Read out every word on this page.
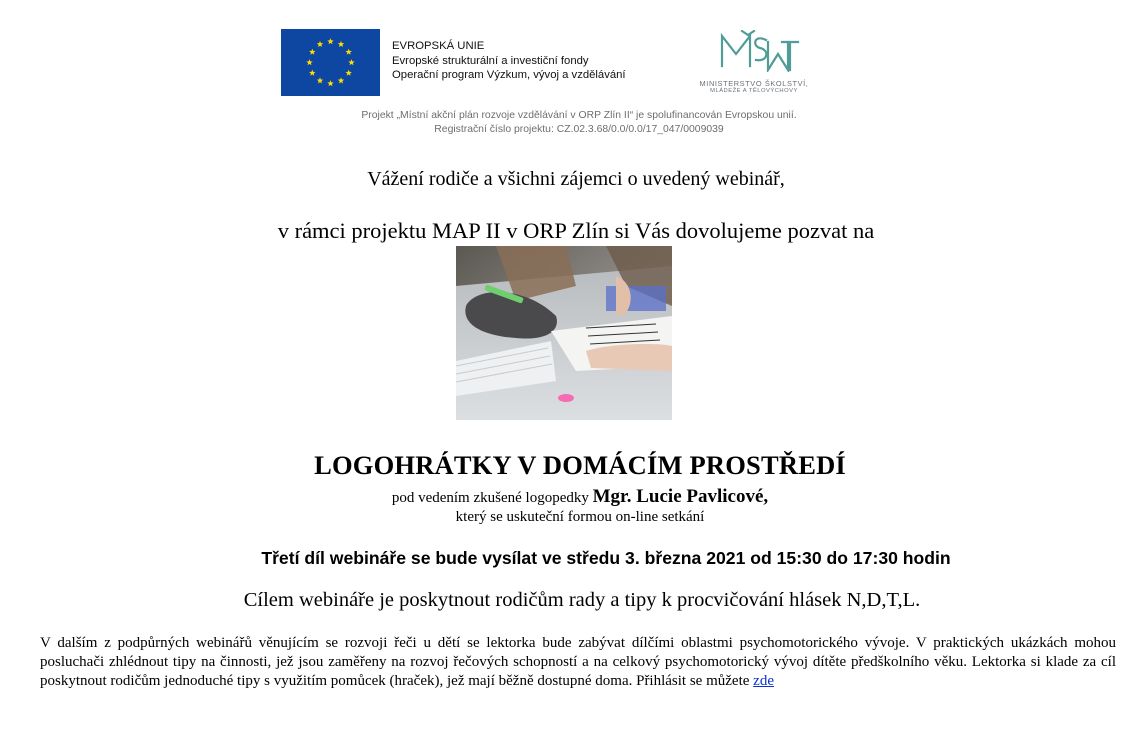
EVROPSKÁ UNIE
Evropské strukturální a investiční fondy
Operační program Výzkum, vývoj a vzdělávání
MINISTERSTVO ŠKOLSTVÍ,
MLÁDEŽE A TĚLOVÝCHOVY
Projekt „Místní akční plán rozvoje vzdělávání v ORP Zlín II“ je spolufinancován Evropskou unií.
Registrační číslo projektu: CZ.02.3.68/0.0/0.0/17_047/0009039
Vážení rodiče a všichni zájemci o uvedený webinář,
v rámci projektu MAP II v ORP Zlín si Vás dovolujeme pozvat na
LOGOHRÁTKY V DOMÁCÍM PROSTŘEDÍ
pod vedením zkušené logopedky Mgr. Lucie Pavlicové,
který se uskuteční formou on-line setkání
Třetí díl webináře se bude vysílat ve středu 3. března 2021 od 15:30 do 17:30 hodin
Cílem webináře je poskytnout rodičům rady a tipy k procvičování hlásek N,D,T,L.
V dalším z podpůrných webinářů věnujícím se rozvoji řeči u dětí se lektorka bude zabývat dílčími oblastmi psychomotorického vývoje. V praktických ukázkách mohou posluchači zhlédnout tipy na činnosti, jež jsou zaměřeny na rozvoj řečových schopností a na celkový psychomotorický vývoj dítěte předškolního věku. Lektorka si klade za cíl poskytnout rodičům jednoduché tipy s využitím pomůcek (hraček), jež mají běžně dostupné doma. Přihlásit se můžete zde
